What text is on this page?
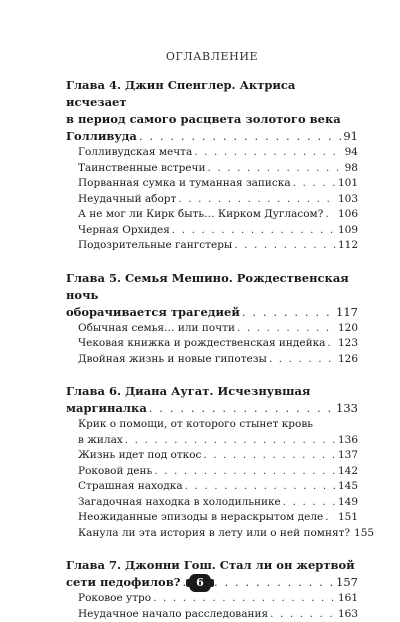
ОГЛАВЛЕНИЕ
Глава 4. Джин Спенглер. Актриса исчезает
в период самого расцвета золотого века
Голливуда . . .	91
Голливудская мечта . . .	94
Таинственные встречи . . .	98
Порванная сумка и туманная записка . . .	101
Неудачный аборт . . .	103
А не мог ли Кирк быть… Кирком Дугласом? . . . 106
Черная Орхидея . . .	109
Подозрительные гангстеры . . .	112
Глава 5. Семья Мешино. Рождественская ночь
оборачивается трагедией . . .	117
Обычная семья… или почти . . .	120
Чековая книжка и рождественская индейка . . . 123
Двойная жизнь и новые гипотезы . . .	126
Глава 6. Диана Аугат. Исчезнувшая
маргиналка . . .	133
Крик о помощи, от которого стынет кровь
в жилах . . .	136
Жизнь идет под откос . . .	137
Роковой день . . .	142
Страшная находка . . .	145
Загадочная находка в холодильнике . . .	149
Неожиданные эпизоды в нераскрытом деле . . . 151
Канула ли эта история в лету или о ней помнят? 155
Глава 7. Джонни Гош. Стал ли он жертвой
сети педофилов? . . .	157
Роковое утро . . .	161
Неудачное начало расследования . . .	163
6
